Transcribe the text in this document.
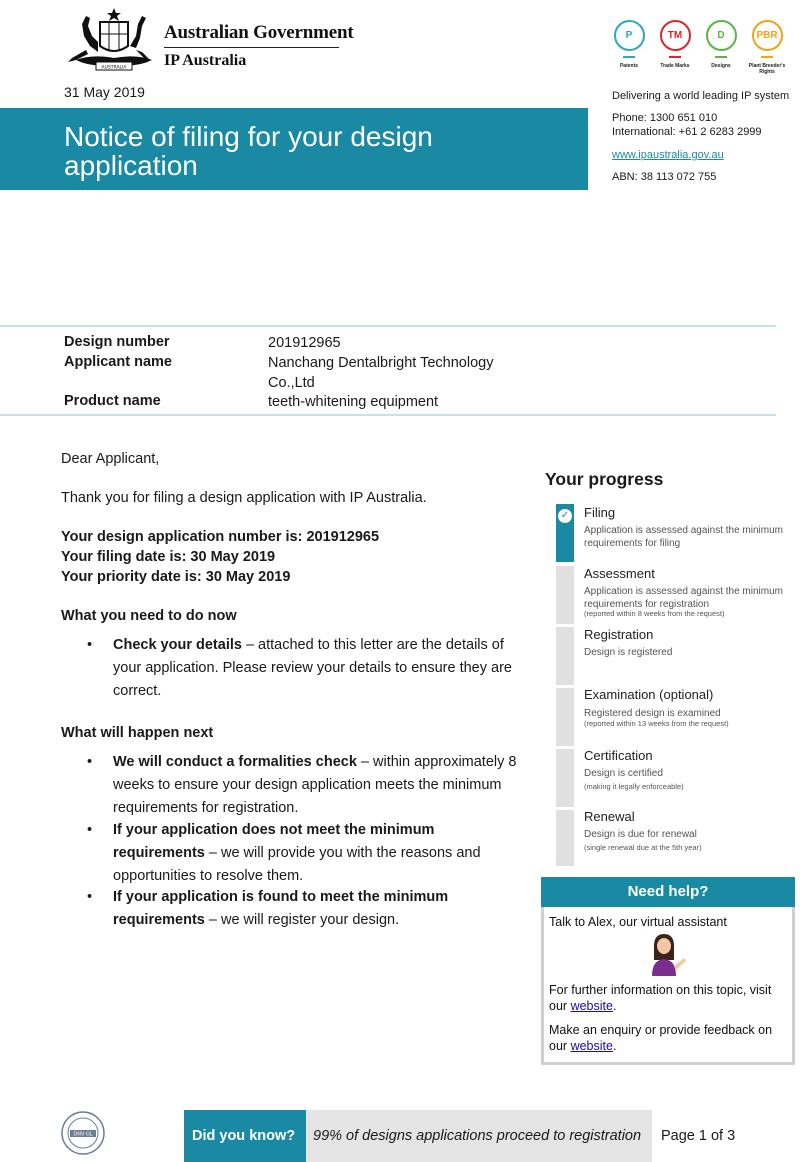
AUSTRALIA
Australian Government
IP Australia
31 May 2019
Notice of filing for your design application
P
Patents
TM
Trade Marks
D
Designs
PBR
Plant Breeder's Rights
Delivering a world leading IP system
Phone: 1300 651 010
International: +61 2 6283 2999
www.ipaustralia.gov.au
ABN: 38 113 072 755
Design number	201912965
Applicant name	Nanchang Dentalbright Technology
Co.,Ltd
Product name	teeth-whitening equipment
Dear Applicant,
Thank you for filing a design application with IP Australia.
Your design application number is: 201912965
Your filing date is: 30 May 2019
Your priority date is: 30 May 2019
What you need to do now
• Check your details – attached to this letter are the details of your application. Please review your details to ensure they are correct.
What will happen next
• We will conduct a formalities check – within approximately 8 weeks to ensure your design application meets the minimum requirements for registration.
• If your application does not meet the minimum requirements – we will provide you with the reasons and opportunities to resolve them.
• If your application is found to meet the minimum requirements – we will register your design.
Your progress
✓ Filing
Application is assessed against the minimum requirements for filing
Assessment
Application is assessed against the minimum requirements for registration
(reported within 8 weeks from the request)
Registration
Design is registered
Examination (optional)
Registered design is examined
(reported within 13 weeks from the request)
Certification
Design is certified
(making it legally enforceable)
Renewal
Design is due for renewal
(single renewal due at the 5th year)
Need help?
Talk to Alex, our virtual assistant
For further information on this topic, visit our website.
Make an enquiry or provide feedback on our website.
DNV·GL	Did you know?	99% of designs applications proceed to registration	Page 1 of 3
